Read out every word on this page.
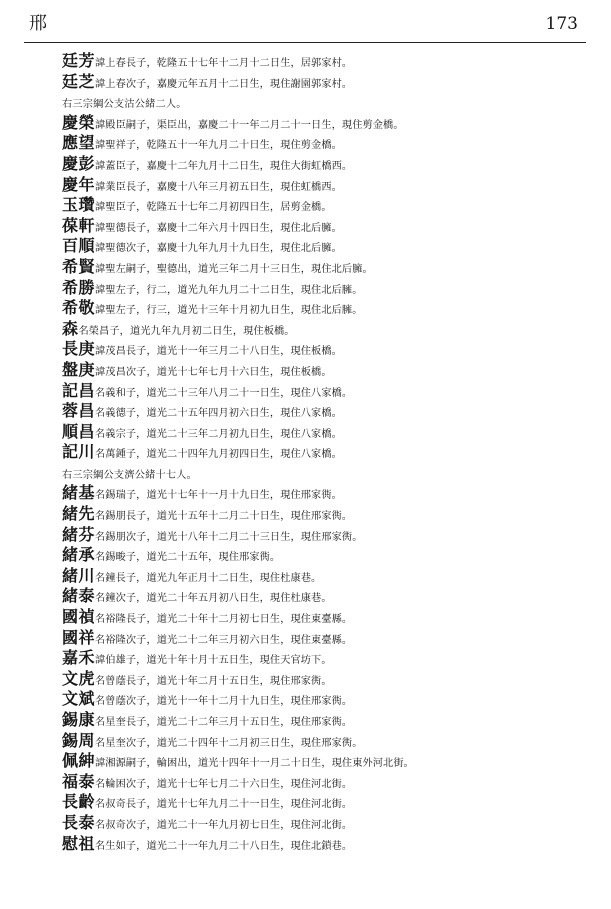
邢	173
廷芳諱上春長子，乾隆五十七年十二月十二日生，居郭家村。
廷芝諱上春次子，嘉慶元年五月十二日生，現住謝園郭家村。
右三宗綱公支沽公緒二人。
慶榮諱殿臣嗣子，渠臣出，嘉慶二十一年二月二十一日生，現住剪金橋。
應望諱聖祥子，乾隆五十一年九月二十日生，現住剪金橋。
慶彭諱蓋臣子，嘉慶十二年九月十二日生，現住大街虹橋西。
慶年諱業臣長子，嘉慶十八年三月初五日生，現住虹橋西。
玉瓚諱聖臣子，乾隆五十七年二月初四日生，居剪金橋。
葆軒諱聖德長子，嘉慶十二年六月十四日生，現住北后臃。
百順諱聖德次子，嘉慶十九年九月十九日生，現住北后臃。
希賢諱聖左嗣子，聖德出，道光三年二月十三日生，現住北后臃。
希勝諱聖左子，行二，道光九年九月二十二日生，現住北后臃。
希敬諱聖左子，行三，道光十三年十月初九日生，現住北后臃。
森名榮昌子，道光九年九月初二日生，現住板橋。
長庚諱茂昌長子，道光十一年三月二十八日生，現住板橋。
盤庚諱茂昌次子，道光十七年七月十六日生，現住板橋。
記昌名義和子，道光二十三年八月二十一日生，現住八家橋。
蓉昌名義德子，道光二十五年四月初六日生，現住八家橋。
順昌名義宗子，道光二十三年二月初九日生，現住八家橋。
記川名萬鍾子，道光二十四年九月初四日生，現住八家橋。
右三宗綱公支濟公緒十七人。
緒基名錫瑞子，道光十七年十一月十九日生，現住邢家衖。
緒先名錫朋長子，道光十五年十二月二十日生，現住邢家衖。
緒芬名錫朋次子，道光十八年十二月二十三日生，現住邢家衖。
緒承名錫畯子，道光二十五年，現住邢家衖。
緒川名鐘長子，道光九年正月十二日生，現住杜康巷。
緒泰名鐘次子，道光二十年五月初八日生，現住杜康巷。
國禎名裕隆長子，道光二十年十二月初七日生，現住東臺縣。
國祥名裕隆次子，道光二十二年三月初六日生，現住東臺縣。
嘉禾諱伯雄子，道光十年十月十五日生，現住天官坊下。
文虎名曾蔭長子，道光十年二月十五日生，現住邢家衖。
文斌名曾蔭次子，道光十一年十二月十九日生，現住邢家衖。
錫康名星奎長子，道光二十二年三月十五日生，現住邢家衖。
錫周名星奎次子，道光二十四年十二月初三日生，現住邢家衖。
佩紳諱湘源嗣子，輪困出，道光十四年十一月二十日生，現住東外河北街。
福泰名輪困次子，道光十七年七月二十六日生，現住河北街。
長齡名叔奇長子，道光十七年九月二十一日生，現住河北街。
長泰名叔奇次子，道光二十一年九月初七日生，現住河北街。
慰祖名生如子，道光二十一年九月二十八日生，現住北鎖巷。
